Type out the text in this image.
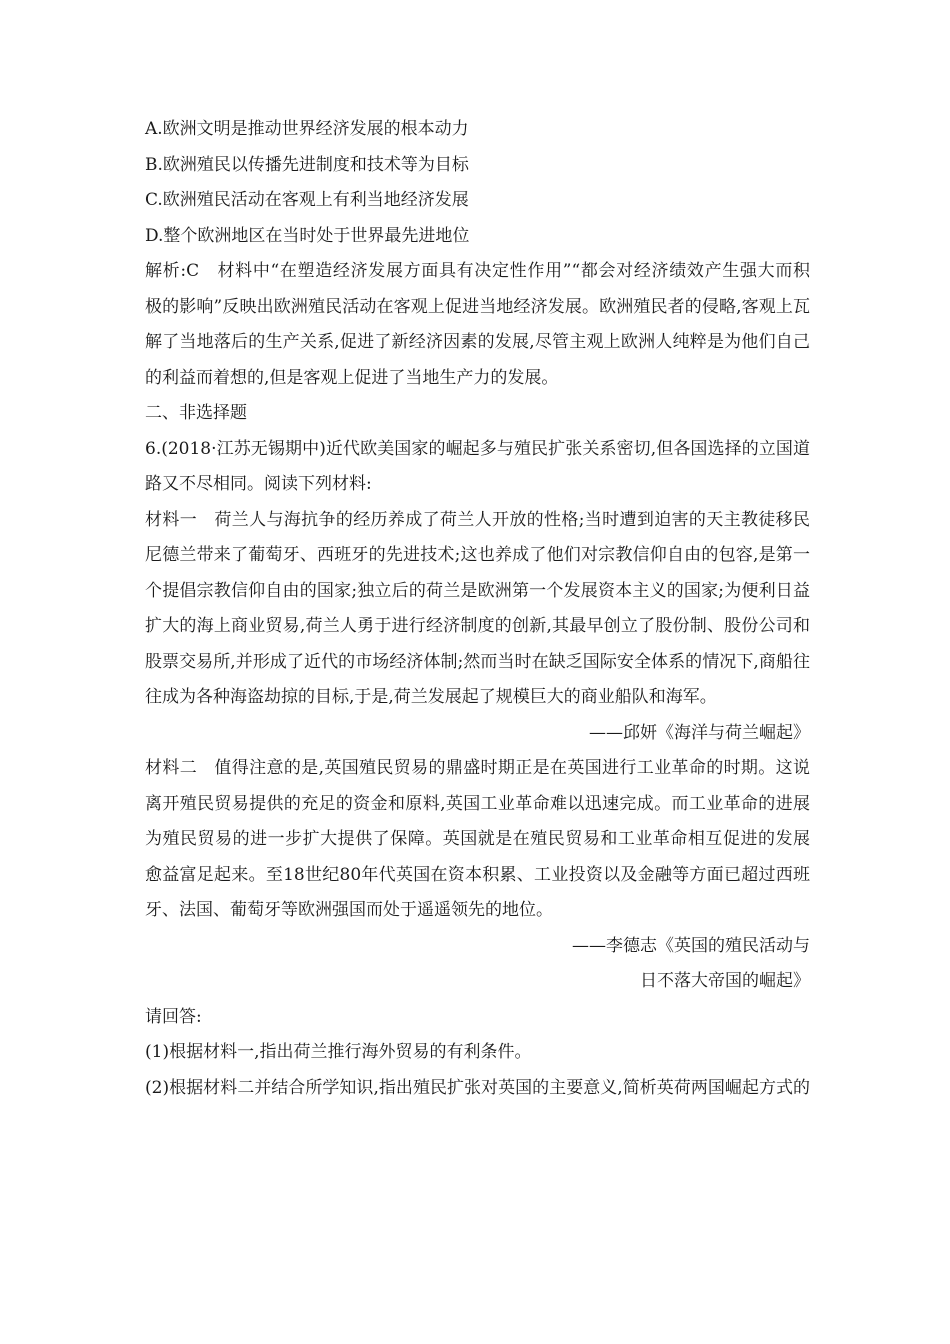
A.欧洲文明是推动世界经济发展的根本动力
B.欧洲殖民以传播先进制度和技术等为目标
C.欧洲殖民活动在客观上有利当地经济发展
D.整个欧洲地区在当时处于世界最先进地位
解析:C　材料中“在塑造经济发展方面具有决定性作用”“都会对经济绩效产生强大而积
极的影响”反映出欧洲殖民活动在客观上促进当地经济发展。欧洲殖民者的侵略,客观上瓦
解了当地落后的生产关系,促进了新经济因素的发展,尽管主观上欧洲人纯粹是为他们自己
的利益而着想的,但是客观上促进了当地生产力的发展。
二、非选择题
6.(2018·江苏无锡期中)近代欧美国家的崛起多与殖民扩张关系密切,但各国选择的立国道
路又不尽相同。阅读下列材料:
材料一　荷兰人与海抗争的经历养成了荷兰人开放的性格;当时遭到迫害的天主教徒移民
尼德兰带来了葡萄牙、西班牙的先进技术;这也养成了他们对宗教信仰自由的包容,是第一
个提倡宗教信仰自由的国家;独立后的荷兰是欧洲第一个发展资本主义的国家;为便利日益
扩大的海上商业贸易,荷兰人勇于进行经济制度的创新,其最早创立了股份制、股份公司和
股票交易所,并形成了近代的市场经济体制;然而当时在缺乏国际安全体系的情况下,商船往
往成为各种海盗劫掠的目标,于是,荷兰发展起了规模巨大的商业船队和海军。
——邱妍《海洋与荷兰崛起》
材料二　值得注意的是,英国殖民贸易的鼎盛时期正是在英国进行工业革命的时期。这说
离开殖民贸易提供的充足的资金和原料,英国工业革命难以迅速完成。而工业革命的进展
为殖民贸易的进一步扩大提供了保障。英国就是在殖民贸易和工业革命相互促进的发展
愈益富足起来。至18世纪80年代英国在资本积累、工业投资以及金融等方面已超过西班
牙、法国、葡萄牙等欧洲强国而处于遥遥领先的地位。
——李德志《英国的殖民活动与
日不落大帝国的崛起》
请回答:
(1)根据材料一,指出荷兰推行海外贸易的有利条件。
(2)根据材料二并结合所学知识,指出殖民扩张对英国的主要意义,简析英荷两国崛起方式的
